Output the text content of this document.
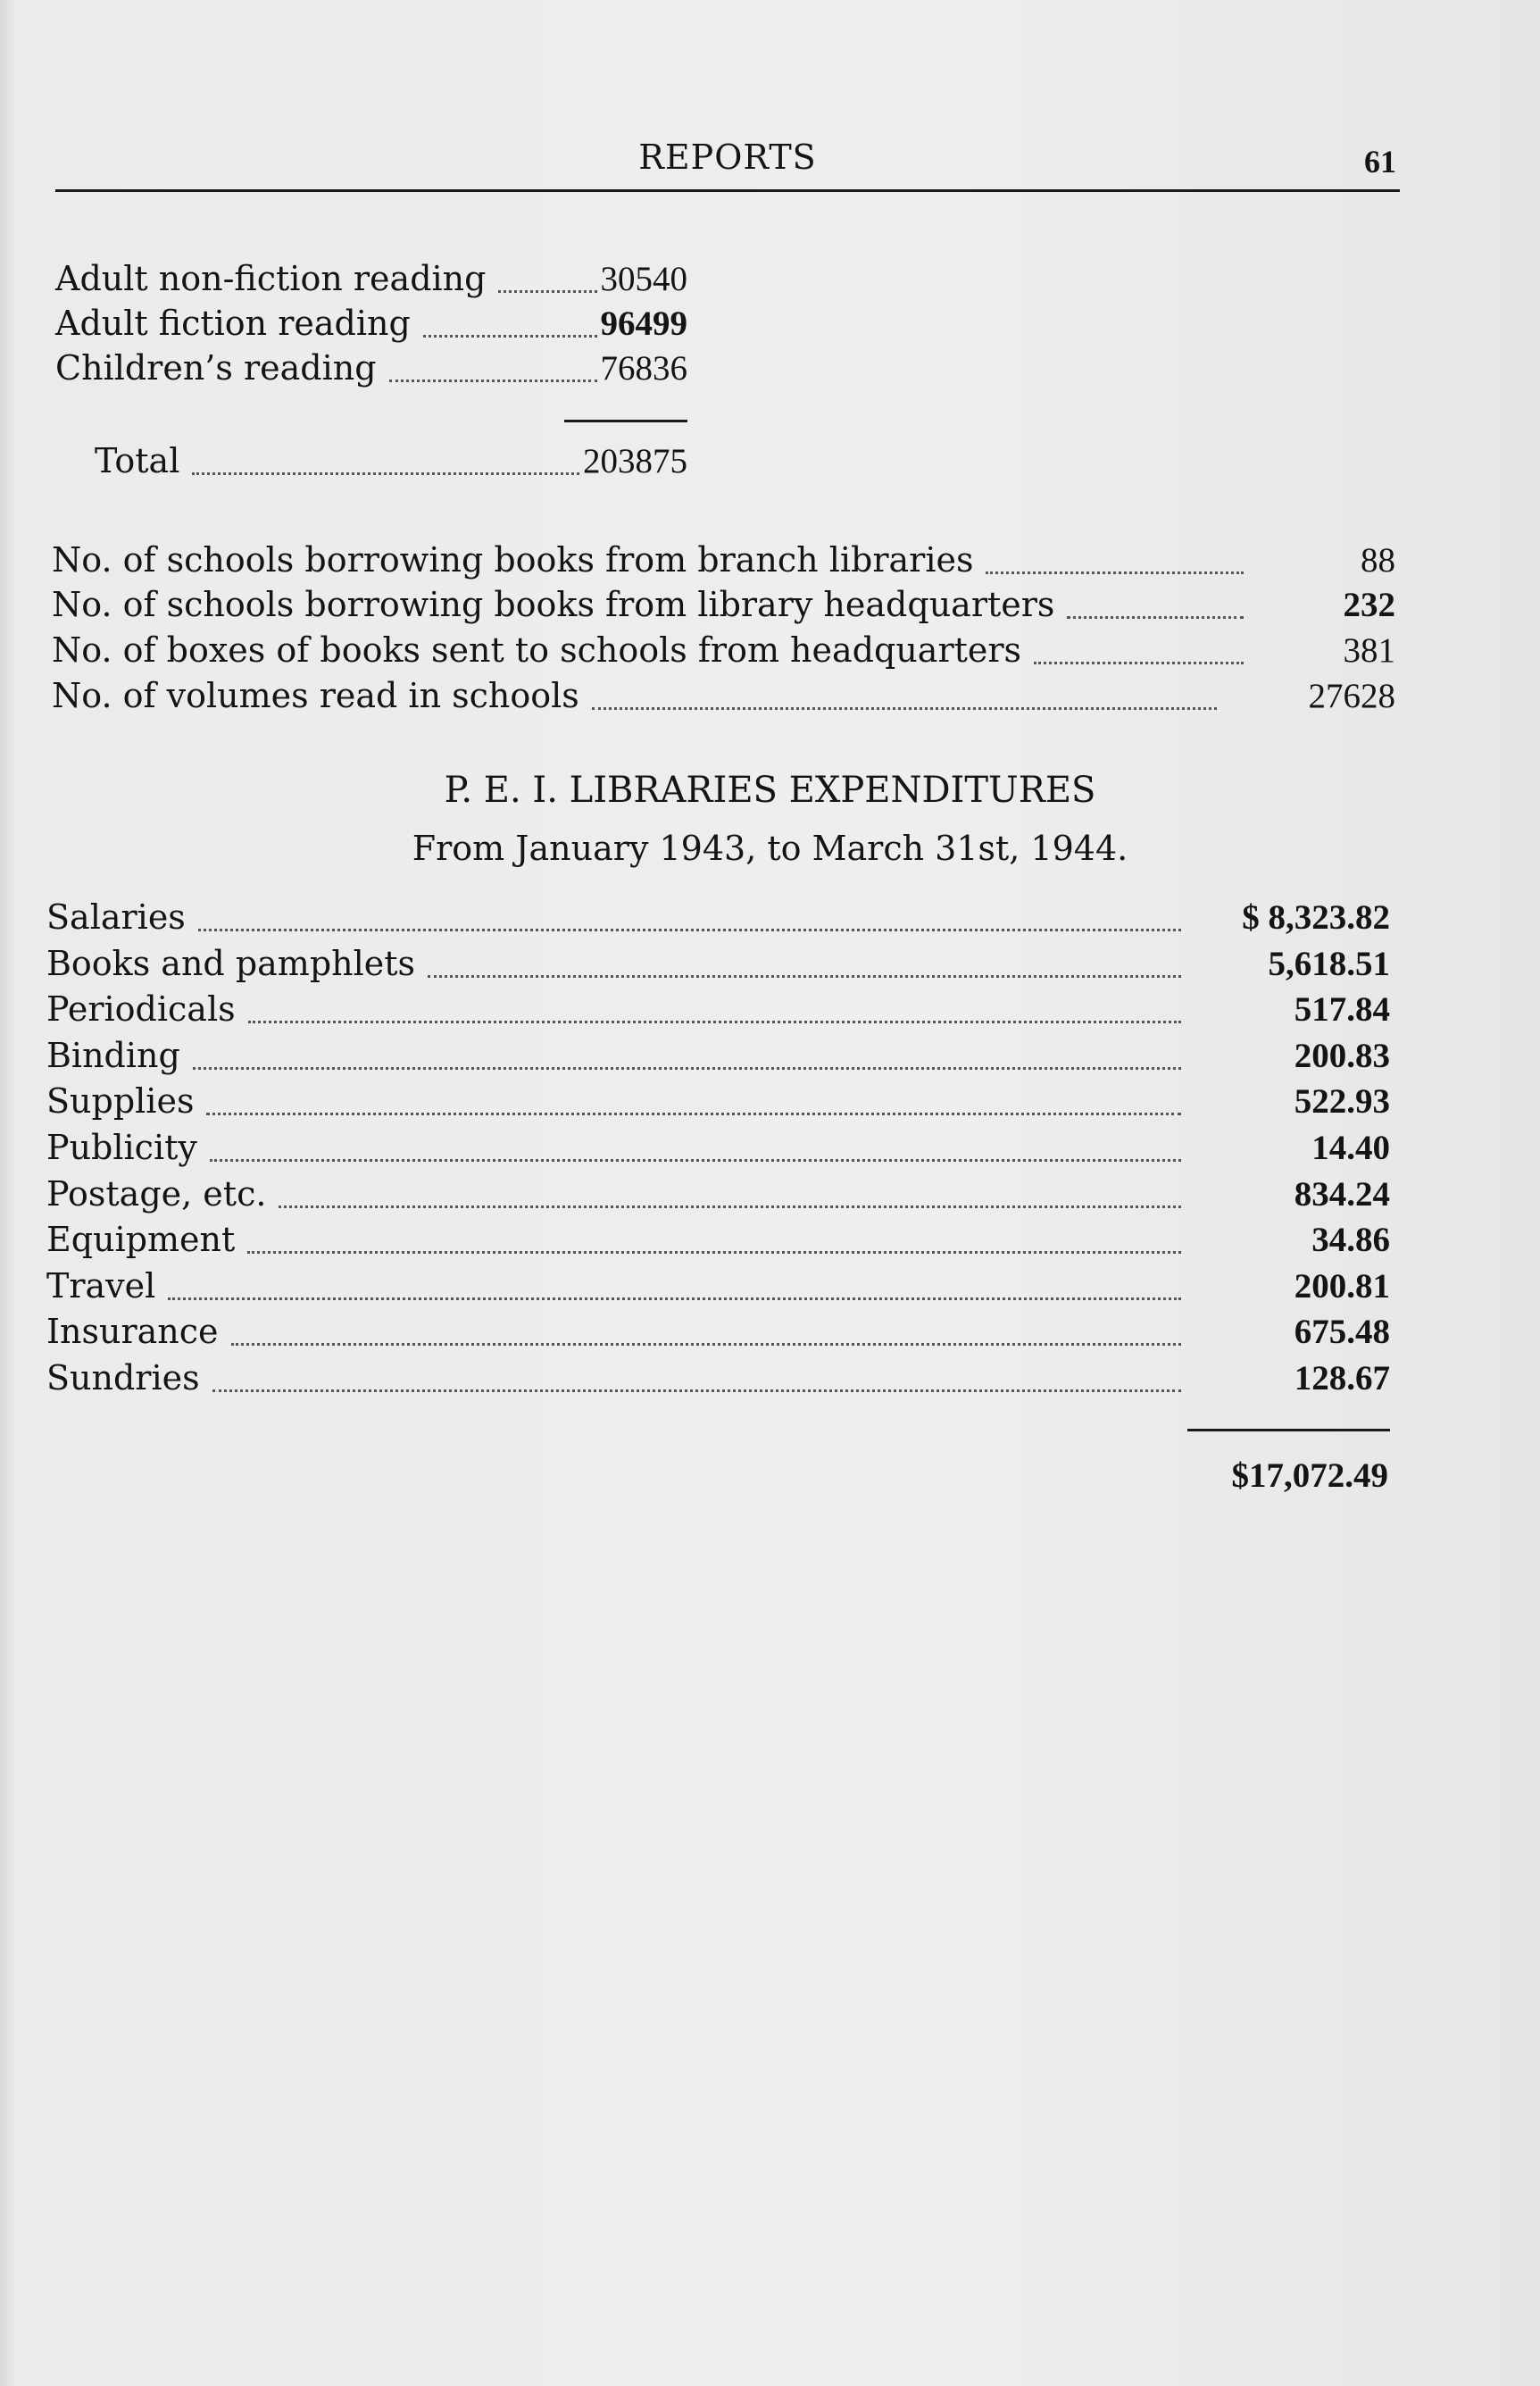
REPORTS	61
Adult non-fiction reading	30540
Adult fiction reading	96499
Children’s reading	76836
Total	203875
No. of schools borrowing books from branch libraries	88
No. of schools borrowing books from library headquarters	232
No. of boxes of books sent to schools from headquarters	381
No. of volumes read in schools	27628
P. E. I. LIBRARIES EXPENDITURES
From January 1943, to March 31st, 1944.
Salaries	$ 8,323.82
Books and pamphlets	5,618.51
Periodicals	517.84
Binding	200.83
Supplies	522.93
Publicity	14.40
Postage, etc.	834.24
Equipment	34.86
Travel	200.81
Insurance	675.48
Sundries	128.67
$17,072.49
